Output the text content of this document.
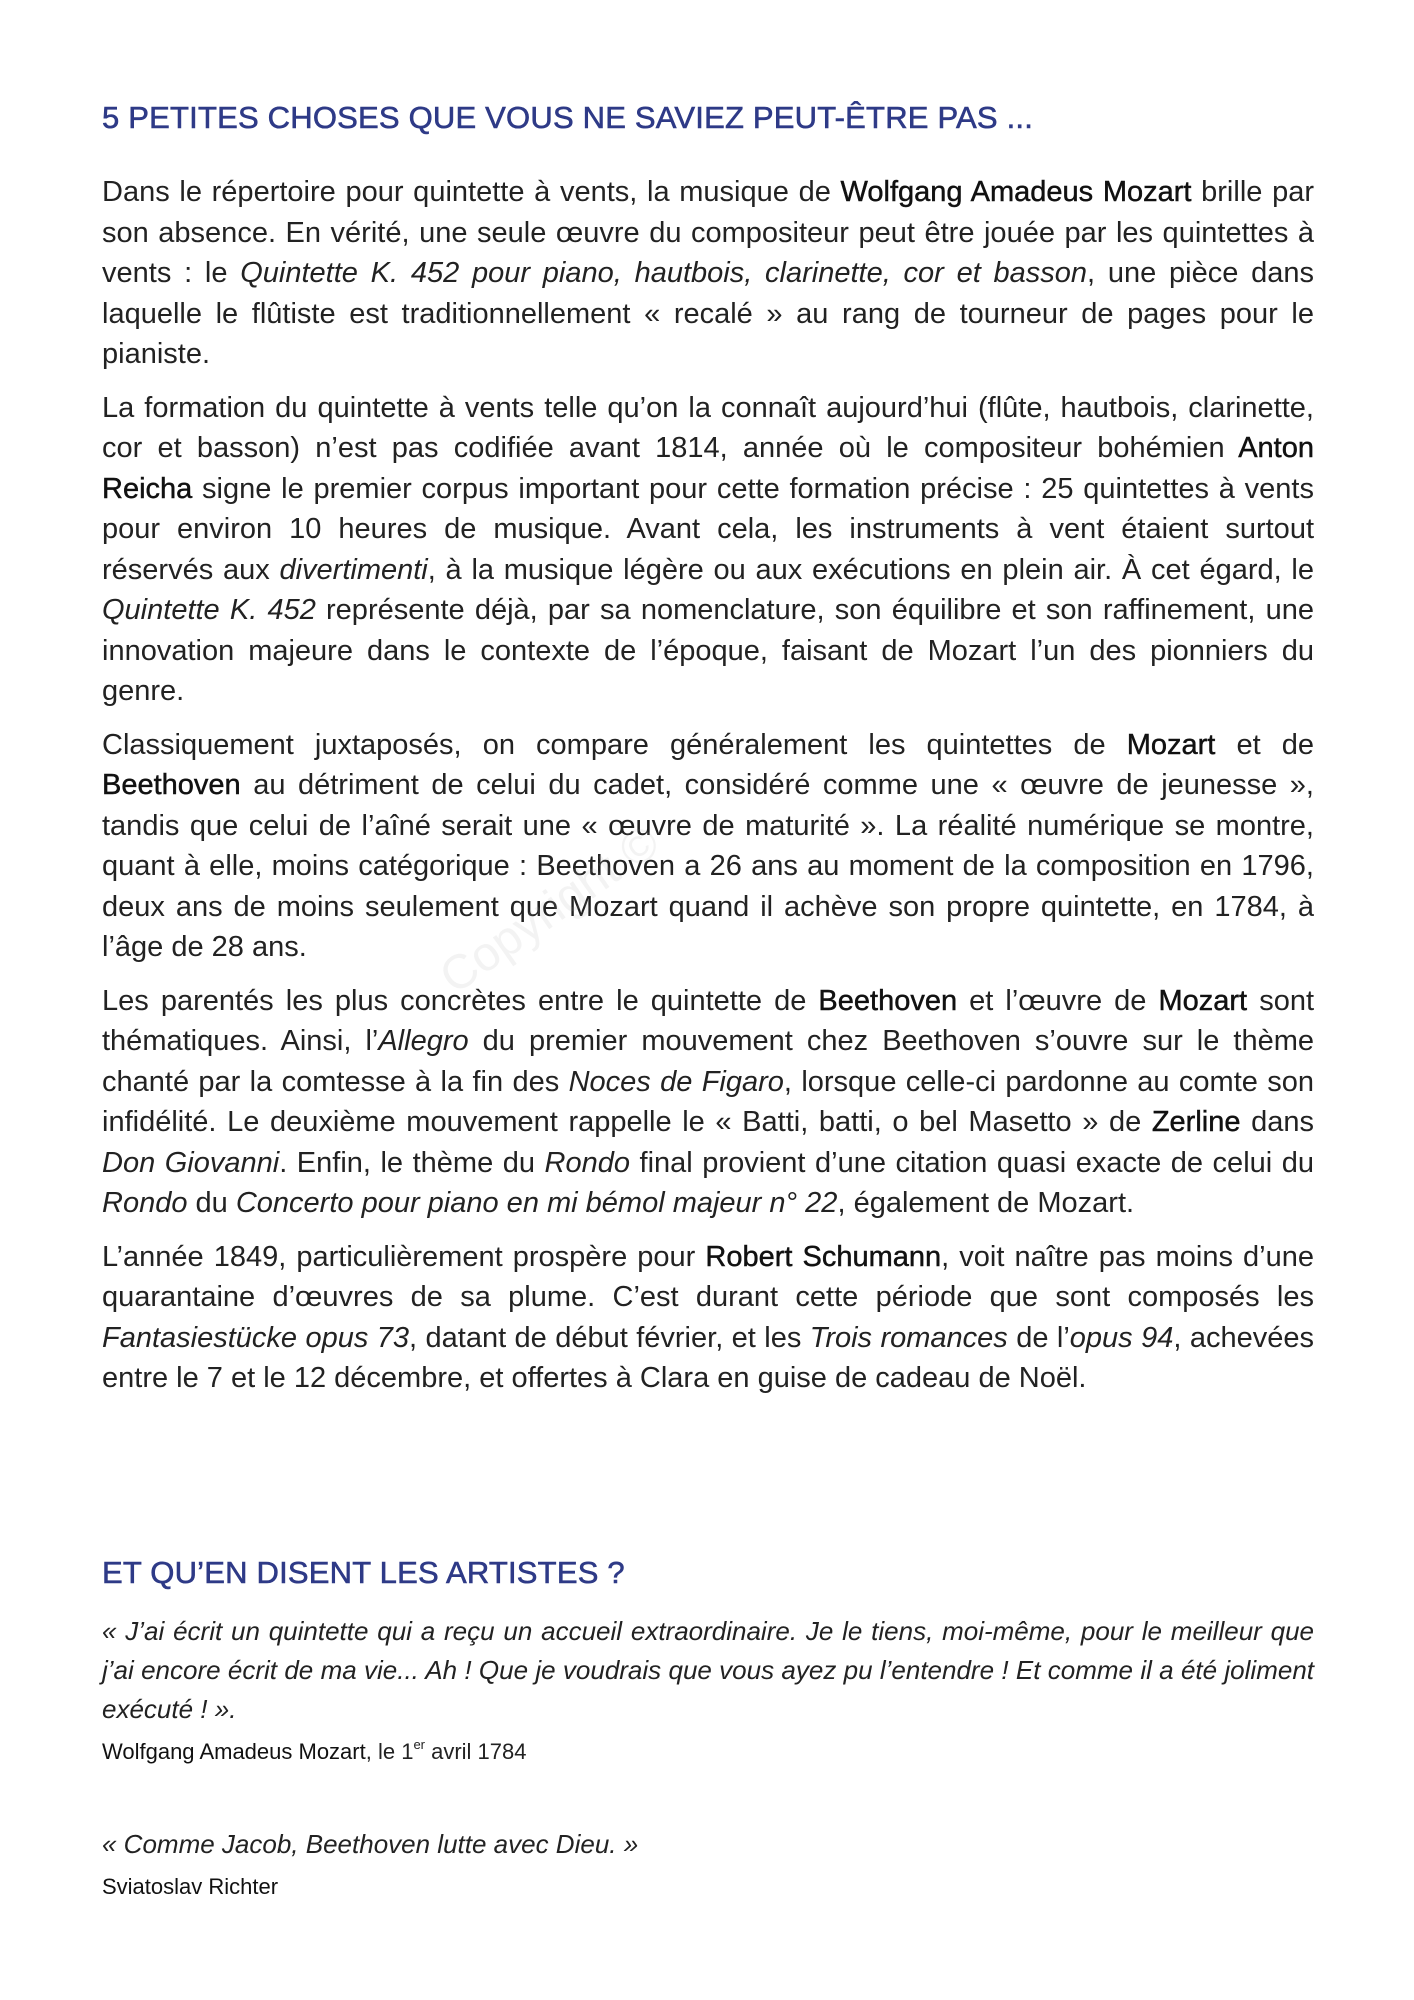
5 PETITES CHOSES QUE VOUS NE SAVIEZ PEUT-ÊTRE PAS ...

Dans le répertoire pour quintette à vents, la musique de Wolfgang Amadeus Mozart brille par son absence. En vérité, une seule œuvre du compositeur peut être jouée par les quintettes à vents : le Quintette K. 452 pour piano, hautbois, clarinette, cor et basson, une pièce dans laquelle le flûtiste est traditionnellement « recalé » au rang de tourneur de pages pour le pianiste.

La formation du quintette à vents telle qu’on la connaît aujourd’hui (flûte, hautbois, clarinette, cor et basson) n’est pas codifiée avant 1814, année où le compositeur bohémien Anton Reicha signe le premier corpus important pour cette formation précise : 25 quintettes à vents pour environ 10 heures de musique. Avant cela, les instruments à vent étaient surtout réservés aux divertimenti, à la musique légère ou aux exécutions en plein air. À cet égard, le Quintette K. 452 représente déjà, par sa nomenclature, son équilibre et son raffinement, une innovation majeure dans le contexte de l’époque, faisant de Mozart l’un des pionniers du genre.

Classiquement juxtaposés, on compare généralement les quintettes de Mozart et de Beethoven au détriment de celui du cadet, considéré comme une « œuvre de jeunesse », tandis que celui de l’aîné serait une « œuvre de maturité ». La réalité numérique se montre, quant à elle, moins catégorique : Beethoven a 26 ans au moment de la composition en 1796, deux ans de moins seulement que Mozart quand il achève son propre quintette, en 1784, à l’âge de 28 ans.

Les parentés les plus concrètes entre le quintette de Beethoven et l’œuvre de Mozart sont thématiques. Ainsi, l’Allegro du premier mouvement chez Beethoven s’ouvre sur le thème chanté par la comtesse à la fin des Noces de Figaro, lorsque celle-ci pardonne au comte son infidélité. Le deuxième mouvement rappelle le « Batti, batti, o bel Masetto » de Zerline dans Don Giovanni. Enfin, le thème du Rondo final provient d’une citation quasi exacte de celui du Rondo du Concerto pour piano en mi bémol majeur n° 22, également de Mozart.

L’année 1849, particulièrement prospère pour Robert Schumann, voit naître pas moins d’une quarantaine d’œuvres de sa plume. C’est durant cette période que sont composés les Fantasiestücke opus 73, datant de début février, et les Trois romances de l’opus 94, achevées entre le 7 et le 12 décembre, et offertes à Clara en guise de cadeau de Noël.

ET QU’EN DISENT LES ARTISTES ?

« J’ai écrit un quintette qui a reçu un accueil extraordinaire. Je le tiens, moi-même, pour le meilleur que j’ai encore écrit de ma vie... Ah ! Que je voudrais que vous ayez pu l’entendre ! Et comme il a été joliment exécuté ! ».

Wolfgang Amadeus Mozart, le 1er avril 1784

« Comme Jacob, Beethoven lutte avec Dieu. »

Sviatoslav Richter

Copyright ©
